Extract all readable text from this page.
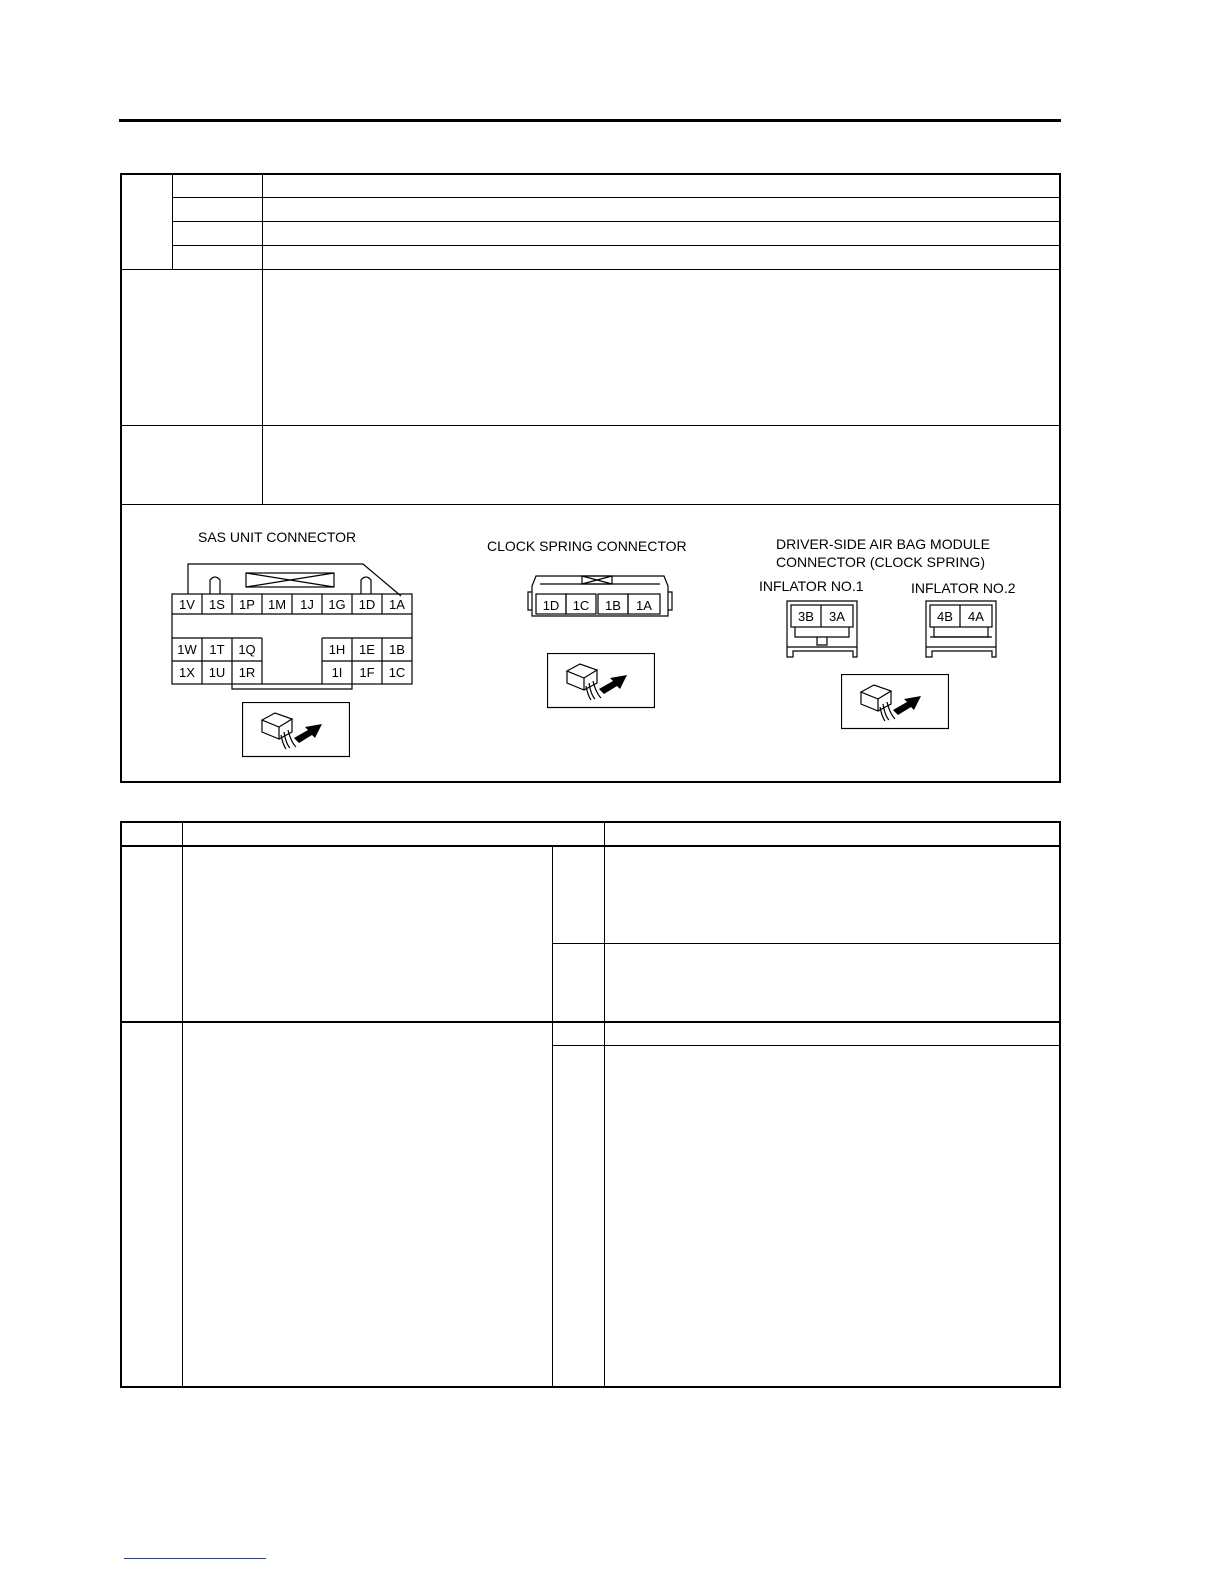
SAS UNIT CONNECTOR
1V 1S 1P 1M 1J 1G 1D 1A
1W 1T 1Q
1X 1U 1R
1H 1E 1B
1I 1F 1C
CLOCK SPRING CONNECTOR
1D 1C 1B 1A
DRIVER-SIDE AIR BAG MODULE
CONNECTOR (CLOCK SPRING)
INFLATOR NO.1	INFLATOR NO.2
3B 3A	4B 4A
